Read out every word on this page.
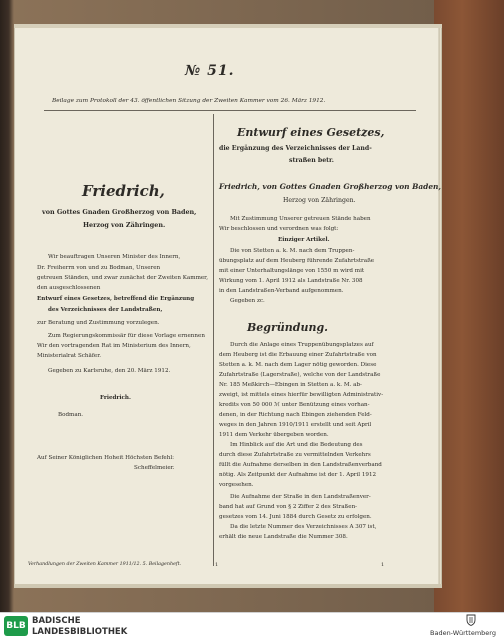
№ 51.
Beilage zum Protokoll der 43. öffentlichen Sitzung der Zweiten Kammer vom 26. März 1912.
Friedrich,
von Gottes Gnaden Großherzog von Baden,
Herzog von Zähringen.
Wir beauftragen Unseren Minister des Innern,
Dr. Freiherrn von und zu Bodman, Unseren
getreuen Ständen, und zwar zunächst der Zweiten Kammer,
den ausgeschlossenen
Entwurf eines Gesetzes, betreffend die Ergänzung
des Verzeichnisses der Landstraßen,
zur Beratung und Zustimmung vorzulegen.
Zum Regierungskommissär für diese Vorlage ernennen
Wir den vortragenden Rat im Ministerium des Innern,
Ministerialrat Schäfer.
Gegeben zu Karlsruhe, den 20. März 1912.
Friedrich.
Bodman.
Auf Seiner Königlichen Hoheit Höchsten Befehl:
Scheffelmeier.
Entwurf eines Gesetzes,
die Ergänzung des Verzeichnisses der Land-
straßen betr.
Friedrich, von Gottes Gnaden Großherzog von Baden,
Herzog von Zähringen.
Mit Zustimmung Unserer getreuen Stände haben
Wir beschlossen und verordnen was folgt:
Einziger Artikel.
Die von Stetten a. k. M. nach dem Truppen-
übungsplatz auf dem Heuberg führende Zufahrtstraße
mit einer Unterhaltungslänge von 1550 m wird mit
Wirkung vom 1. April 1912 als Landstraße Nr. 308
in den Landstraßen-Verband aufgenommen.
Gegeben zc.
Begründung.
Durch die Anlage eines Truppenübungsplatzes auf
dem Heuberg ist die Erbauung einer Zufahrtstraße von
Stetten a. k. M. nach dem Lager nötig geworden. Diese
Zufahrtstraße (Lagerstraße), welche von der Landstraße
Nr. 185 Meßkirch—Ebingen in Stetten a. k. M. ab-
zweigt, ist mittels eines hierfür bewilligten Administrativ-
kredits von 50 000 ℳ unter Benützung eines vorhan-
denen, in der Richtung nach Ebingen ziehenden Feld-
weges in den Jahren 1910/1911 erstellt und seit April
1911 dem Verkehr übergeben worden.
Im Hinblick auf die Art und die Bedeutung des
durch diese Zufahrtstraße zu vermittelnden Verkehrs
füllt die Aufnahme derselben in den Landstraßenverband
nötig. Als Zeitpunkt der Aufnahme ist der 1. April 1912
vorgesehen.
Die Aufnahme der Straße in den Landstraßenver-
band hat auf Grund von § 2 Ziffer 2 des Straßen-
gesetzes vom 14. Juni 1884 durch Gesetz zu erfolgen.
Da die letzte Nummer des Verzeichnisses A 307 ist,
erhält die neue Landstraße die Nummer 308.
Verhandlungen der Zweiten Kammer 1911/12. 5. Beilagenheft.	1	1
BLB BADISCHE
LANDESBIBLIOTHEK	Baden-Württemberg
